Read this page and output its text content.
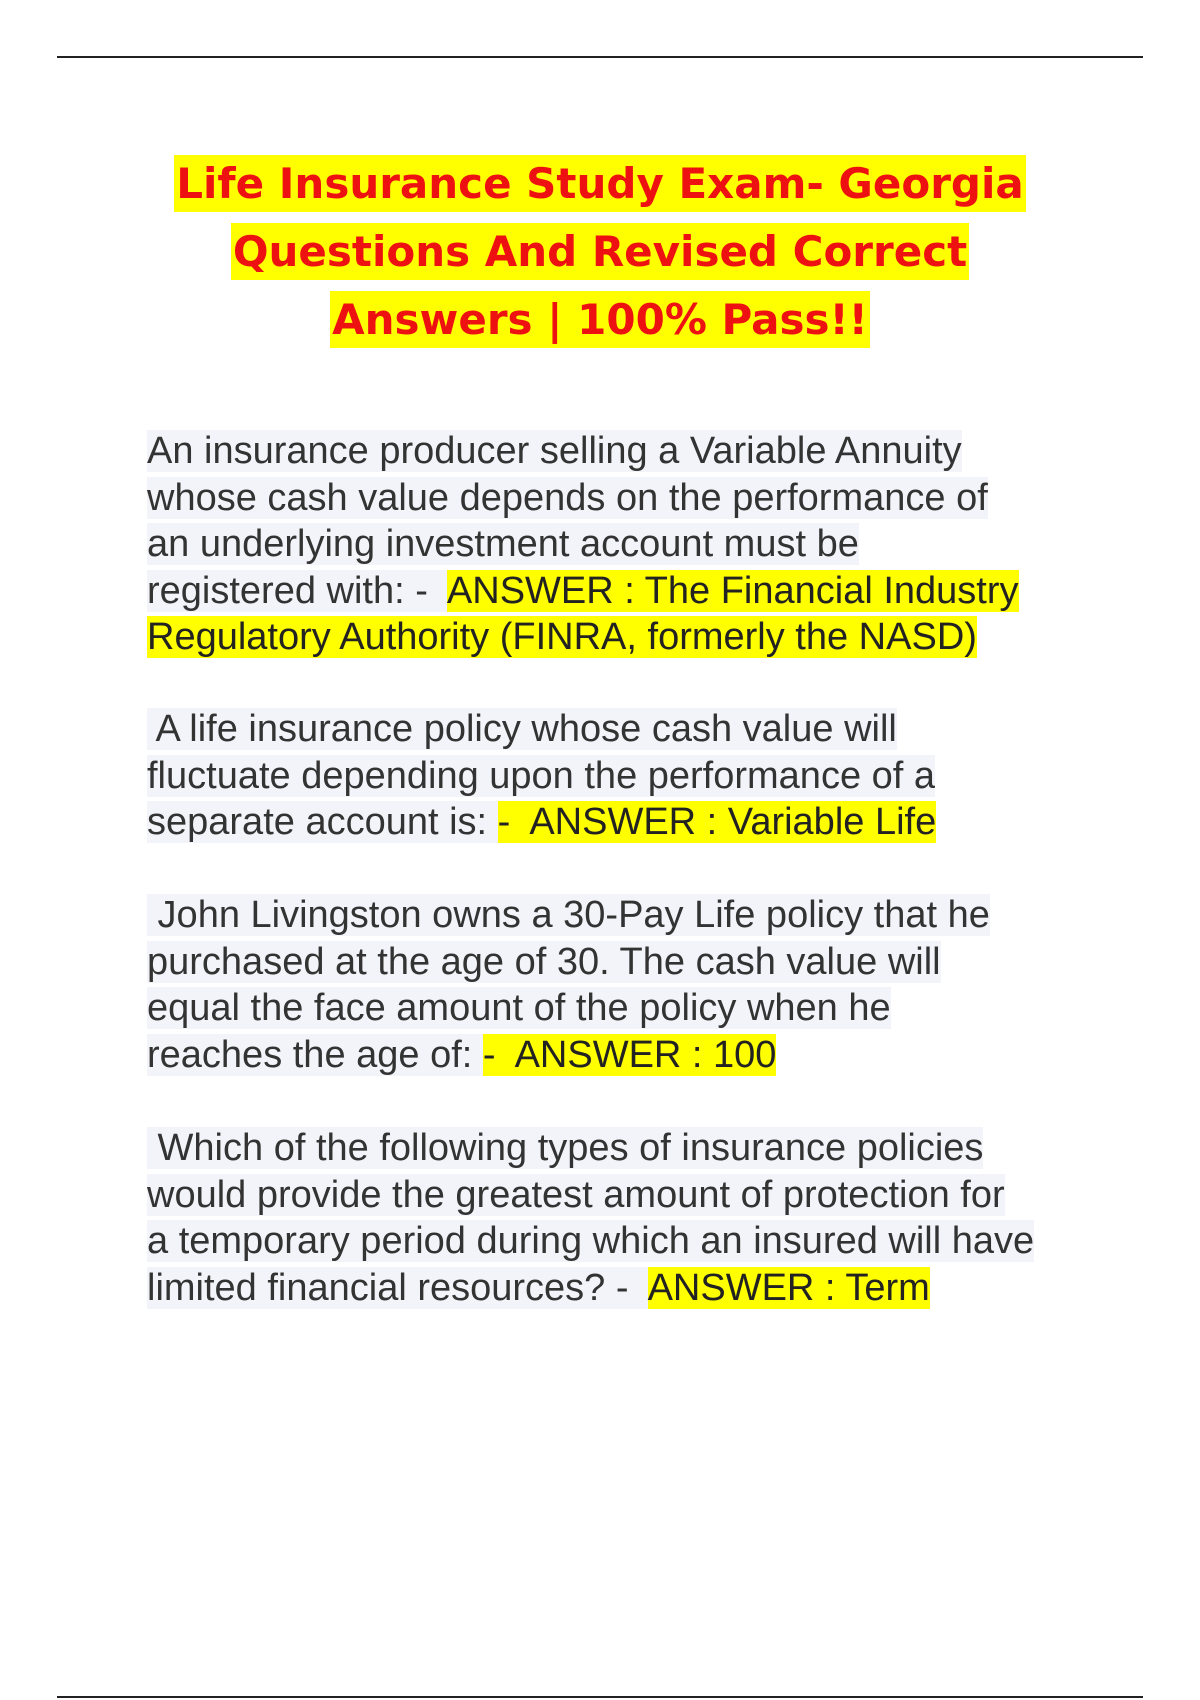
Life Insurance Study Exam- Georgia
Questions And Revised Correct
Answers | 100% Pass!!
An insurance producer selling a Variable Annuity
whose cash value depends on the performance of
an underlying investment account must be
registered with: -  ANSWER : The Financial Industry
Regulatory Authority (FINRA, formerly the NASD)
A life insurance policy whose cash value will
fluctuate depending upon the performance of a
separate account is: -  ANSWER : Variable Life
John Livingston owns a 30-Pay Life policy that he
purchased at the age of 30. The cash value will
equal the face amount of the policy when he
reaches the age of: -  ANSWER : 100
Which of the following types of insurance policies
would provide the greatest amount of protection for
a temporary period during which an insured will have
limited financial resources? -  ANSWER : Term
